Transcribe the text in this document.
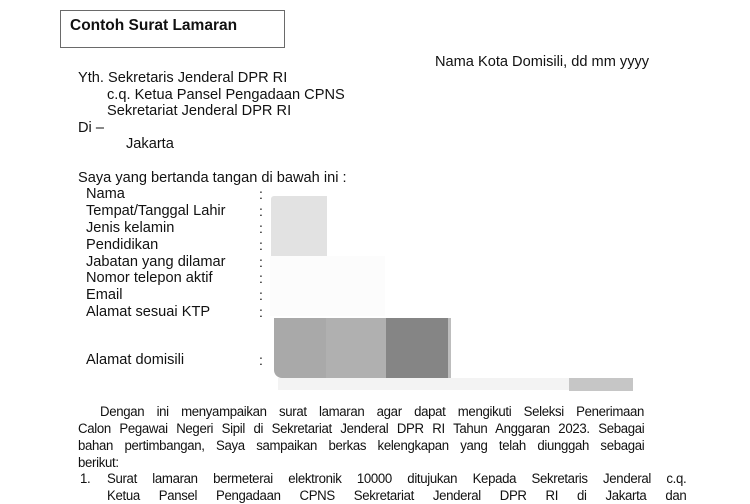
Contoh Surat Lamaran
Nama Kota Domisili, dd mm yyyy
Yth. Sekretaris Jenderal DPR RI
c.q. Ketua Pansel Pengadaan CPNS
Sekretariat Jenderal DPR RI
Di –
Jakarta
Saya yang bertanda tangan di bawah ini :
Nama	:
Tempat/Tanggal Lahir :
Jenis kelamin	:
Pendidikan	:
Jabatan yang dilamar :
Nomor telepon aktif	:
Email	:
Alamat sesuai KTP	:
Alamat domisili	:
Dengan ini menyampaikan surat lamaran agar dapat mengikuti Seleksi Penerimaan
Calon Pegawai Negeri Sipil di Sekretariat Jenderal DPR RI Tahun Anggaran 2023. Sebagai
bahan pertimbangan, Saya sampaikan berkas kelengkapan yang telah diunggah sebagai
berikut:
1. Surat lamaran bermeterai elektronik 10000 ditujukan Kepada Sekretaris Jenderal c.q.
Ketua Pansel Pengadaan CPNS Sekretariat Jenderal DPR RI di Jakarta dan
